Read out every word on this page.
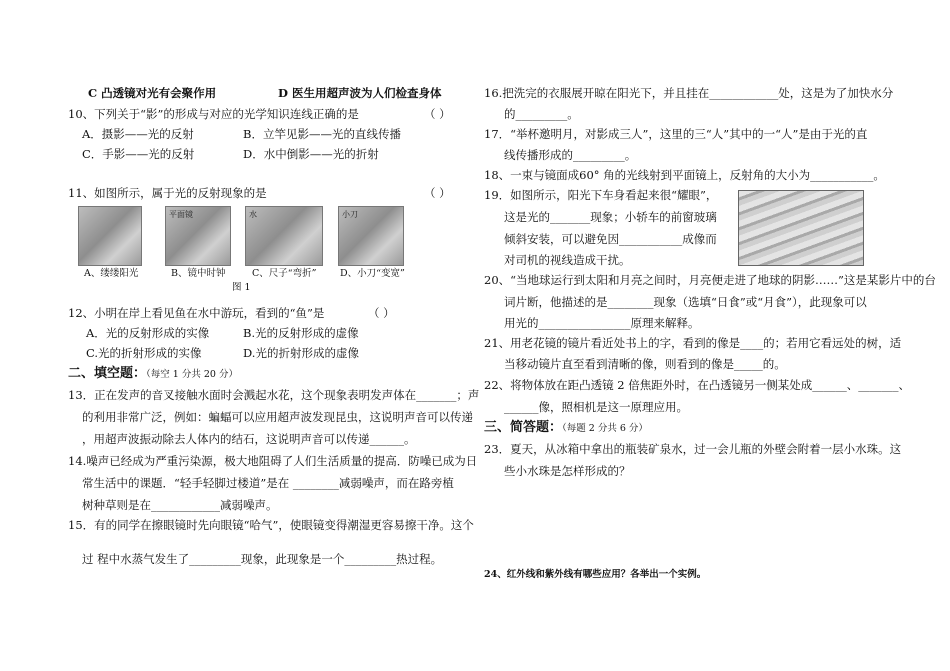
C 凸透镜对光有会聚作用	D 医生用超声波为人们检查身体
10、下列关于“影”的形成与对应的光学知识连线正确的是	（ ）
A．摄影——光的反射	B．立竿见影——光的直线传播
C．手影——光的反射	D．水中倒影——光的折射
11、如图所示，属于光的反射现象的是	（ ）
平面镜	水	小刀
A、缕缕阳光	B、镜中时钟	C、尺子“弯折” D、小刀“变宽”
图 1
12、小明在岸上看见鱼在水中游玩，看到的“鱼”是	（ ）
A．光的反射形成的实像	B.光的反射形成的虚像
C.光的折射形成的实像	D.光的折射形成的虚像
二、填空题：（每空 1 分共 20 分）
13．正在发声的音叉接触水面时会溅起水花，这个现象表明发声体在_______；声
的利用非常广泛，例如：蝙蝠可以应用超声波发现昆虫，这说明声音可以传递
，用超声波振动除去人体内的结石，这说明声音可以传递______。
14.噪声已经成为严重污染源，极大地阻碍了人们生活质量的提高．防噪已成为日
常生活中的课题．“轻手轻脚过楼道”是在 ________减弱噪声，而在路旁植
树种草则是在____________减弱噪声。
15．有的同学在擦眼镜时先向眼镜“哈气”，使眼镜变得潮湿更容易擦干净。这个
过 程中水蒸气发生了_________现象，此现象是一个_________热过程。
16.把洗完的衣服展开晾在阳光下，并且挂在____________处，这是为了加快水分
的_________。
17．“举杯邀明月，对影成三人”，这里的三“人”其中的一“人”是由于光的直
线传播形成的_________。
18、一束与镜面成60° 角的光线射到平面镜上，反射角的大小为___________。
19．如图所示，阳光下车身看起来很“耀眼”，
这是光的_______现象；小轿车的前窗玻璃
倾斜安装，可以避免因___________成像而
对司机的视线造成干扰。
20、“当地球运行到太阳和月亮之间时，月亮便走进了地球的阴影……”这是某影片中的台
词片断，他描述的是________现象（选填“日食”或“月食”），此现象可以
用光的________________原理来解释。
21、用老花镜的镜片看近处书上的字，看到的像是____的；若用它看远处的树，适
当移动镜片直至看到清晰的像，则看到的像是_____的。
22、将物体放在距凸透镜 2 倍焦距外时，在凸透镜另一侧某处成______、_______、
______像，照相机是这一原理应用。
三、简答题：（每题 2 分共 6 分）
23．夏天，从冰箱中拿出的瓶装矿泉水，过一会儿瓶的外壁会附着一层小水珠。这
些小水珠是怎样形成的？
24、红外线和紫外线有哪些应用？各举出一个实例。
